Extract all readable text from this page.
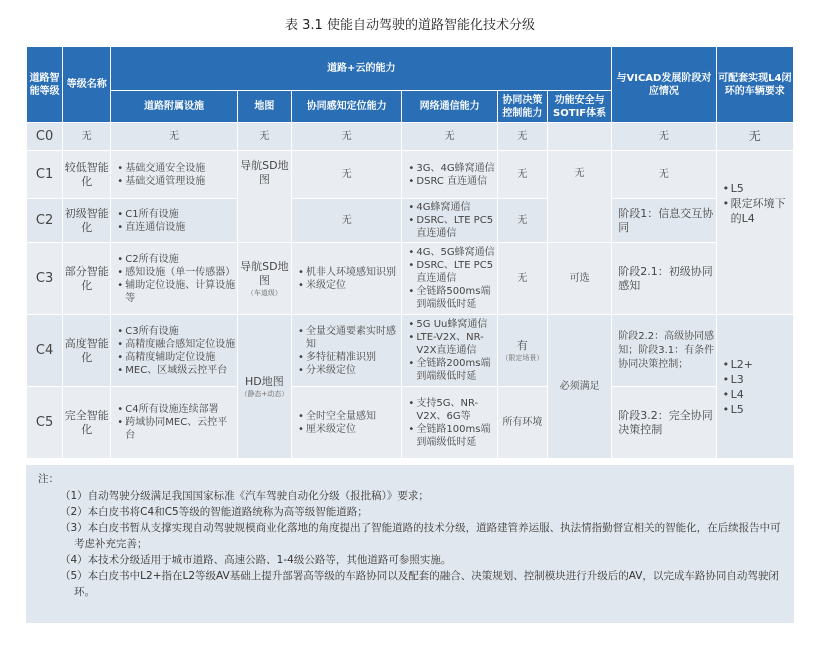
表 3.1 使能自动驾驶的道路智能化技术分级
道路智能等级	等级名称	道路+云的能力						与VICAD发展阶段对应情况	可配套实现L4闭环的车辆要求
		道路附属设施	地图	协同感知定位能力	网络通信能力	协同决策控制能力	功能安全与SOTIF体系		
C0	无	无	无	无	无	无		无	无
C1	较低智能化	• 基础交通安全设施
• 基础交通管理设施	导航SD地图	无	• 3G、4G蜂窝通信
• DSRC 直连通信	无	无	无	• L5
• 限定环境下的L4

C2	初级智能化	• C1所有设施
• 直连通信设施		无	• 4G蜂窝通信
• DSRC、LTE PC5直连通信	无		阶段1：信息交互协同	
C3	部分智能化	• C2所有设施
• 感知设施（单一传感器）
• 辅助定位设施、计算设施等	导航SD地图
（车道级）	• 机非人环境感知识别
• 米级定位	• 4G、5G蜂窝通信
• DSRC、LTE PC5直连通信
• 全链路500ms端到端级低时延	无	可选	阶段2.1：初级协同感知	
C4	高度智能化	• C3所有设施
• 高精度融合感知定位设施
• 高精度辅助定位设施
• MEC、区域级云控平台	HD地图
（静态+动态）	• 全量交通要素实时感知
• 多特征精准识别
• 分米级定位	• 5G Uu蜂窝通信
• LTE-V2X、NR-V2X直连通信
• 全链路200ms端到端级低时延	有
（限定场景）	必须满足	阶段2.2：高级协同感知；阶段3.1：有条件协同决策控制；	• L2+
• L3
• L4
• L5

C5	完全智能化	• C4所有设施连续部署
• 跨域协同MEC、云控平台		• 全时空全量感知
• 厘米级定位	• 支持5G、NR-V2X、6G等
• 全链路100ms端到端级低时延	所有环境		阶段3.2：完全协同决策控制	
注：
（1）自动驾驶分级满足我国国家标准《汽车驾驶自动化分级（报批稿）》要求；
（2）本白皮书将C4和C5等级的智能道路统称为高等级智能道路；
（3）本白皮书暂从支撑实现自动驾驶规模商业化落地的角度提出了智能道路的技术分级，道路建管养运服、执法情指勤督宣相关的智能化，在后续报告中可考虑补充完善；
（4）本技术分级适用于城市道路、高速公路、1-4级公路等，其他道路可参照实施。
（5）本白皮书中L2+指在L2等级AV基础上提升部署高等级的车路协同以及配套的融合、决策规划、控制模块进行升级后的AV，以完成车路协同自动驾驶闭环。
